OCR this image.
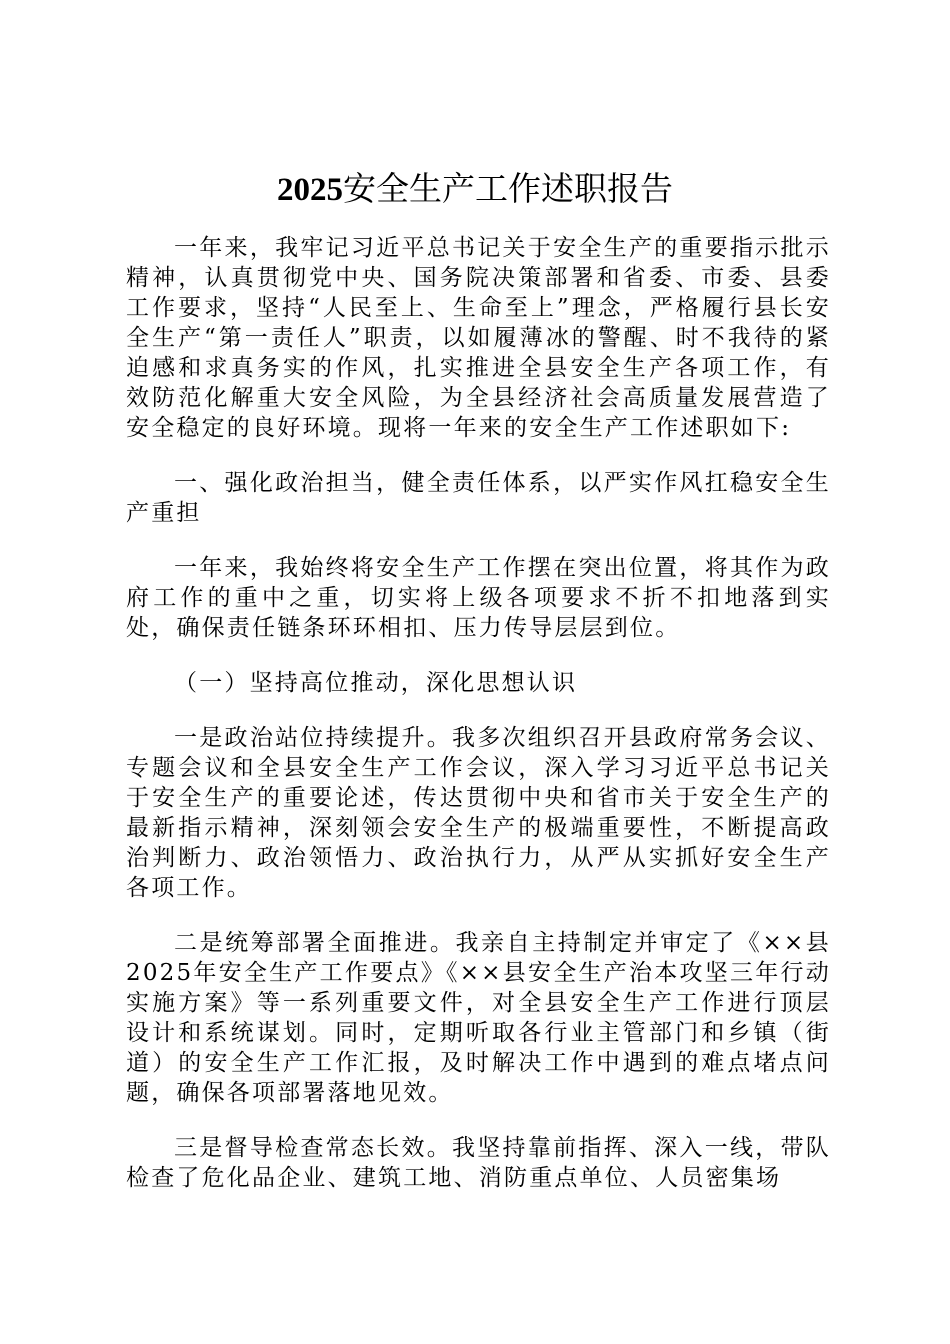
2025安全生产工作述职报告

一年来，我牢记习近平总书记关于安全生产的重要指示批示精神，认真贯彻党中央、国务院决策部署和省委、市委、县委工作要求，坚持“人民至上、生命至上”理念，严格履行县长安全生产“第一责任人”职责，以如履薄冰的警醒、时不我待的紧迫感和求真务实的作风，扎实推进全县安全生产各项工作，有效防范化解重大安全风险，为全县经济社会高质量发展营造了安全稳定的良好环境。现将一年来的安全生产工作述职如下:

一、强化政治担当，健全责任体系，以严实作风扛稳安全生产重担

一年来，我始终将安全生产工作摆在突出位置，将其作为政府工作的重中之重，切实将上级各项要求不折不扣地落到实处，确保责任链条环环相扣、压力传导层层到位。

（一）坚持高位推动，深化思想认识

一是政治站位持续提升。我多次组织召开县政府常务会议、专题会议和全县安全生产工作会议，深入学习习近平总书记关于安全生产的重要论述，传达贯彻中央和省市关于安全生产的最新指示精神，深刻领会安全生产的极端重要性，不断提高政治判断力、政治领悟力、政治执行力，从严从实抓好安全生产各项工作。

二是统筹部署全面推进。我亲自主持制定并审定了《××县2025年安全生产工作要点》《××县安全生产治本攻坚三年行动实施方案》等一系列重要文件，对全县安全生产工作进行顶层设计和系统谋划。同时，定期听取各行业主管部门和乡镇（街道）的安全生产工作汇报，及时解决工作中遇到的难点堵点问题，确保各项部署落地见效。

三是督导检查常态长效。我坚持靠前指挥、深入一线，带队检查了危化品企业、建筑工地、消防重点单位、人员密集场
